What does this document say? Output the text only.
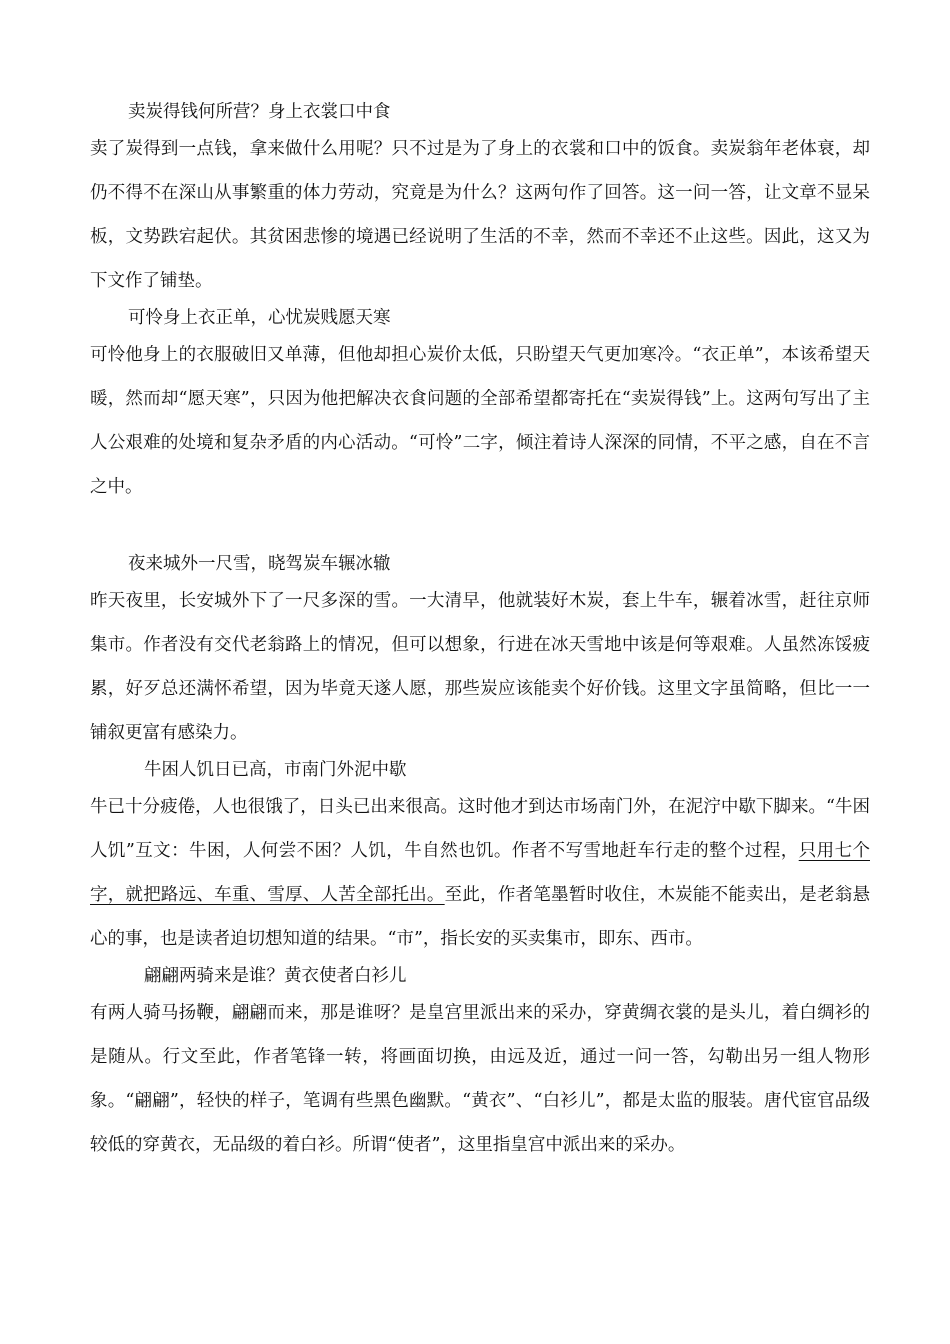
卖炭得钱何所营？身上衣裳口中食

卖了炭得到一点钱，拿来做什么用呢？只不过是为了身上的衣裳和口中的饭食。卖炭翁年老体衰，却仍不得不在深山从事繁重的体力劳动，究竟是为什么？这两句作了回答。这一问一答，让文章不显呆板，文势跌宕起伏。其贫困悲惨的境遇已经说明了生活的不幸，然而不幸还不止这些。因此，这又为下文作了铺垫。

可怜身上衣正单，心忧炭贱愿天寒

可怜他身上的衣服破旧又单薄，但他却担心炭价太低，只盼望天气更加寒冷。“衣正单”，本该希望天暖，然而却“愿天寒”，只因为他把解决衣食问题的全部希望都寄托在“卖炭得钱”上。这两句写出了主人公艰难的处境和复杂矛盾的内心活动。“可怜”二字，倾注着诗人深深的同情，不平之感，自在不言之中。

夜来城外一尺雪，晓驾炭车辗冰辙

昨天夜里，长安城外下了一尺多深的雪。一大清早，他就装好木炭，套上牛车，辗着冰雪，赶往京师集市。作者没有交代老翁路上的情况，但可以想象，行进在冰天雪地中该是何等艰难。人虽然冻馁疲累，好歹总还满怀希望，因为毕竟天遂人愿，那些炭应该能卖个好价钱。这里文字虽简略，但比一一铺叙更富有感染力。

牛困人饥日已高，市南门外泥中歇

牛已十分疲倦，人也很饿了，日头已出来很高。这时他才到达市场南门外，在泥泞中歇下脚来。“牛困人饥”互文：牛困，人何尝不困？人饥，牛自然也饥。作者不写雪地赶车行走的整个过程，只用七个字，就把路远、车重、雪厚、人苦全部托出。至此，作者笔墨暂时收住，木炭能不能卖出，是老翁悬心的事，也是读者迫切想知道的结果。“市”，指长安的买卖集市，即东、西市。

翩翩两骑来是谁？黄衣使者白衫儿

有两人骑马扬鞭，翩翩而来，那是谁呀？是皇宫里派出来的采办，穿黄绸衣裳的是头儿，着白绸衫的是随从。行文至此，作者笔锋一转，将画面切换，由远及近，通过一问一答，勾勒出另一组人物形象。“翩翩”，轻快的样子，笔调有些黑色幽默。“黄衣”、“白衫儿”，都是太监的服装。唐代宦官品级较低的穿黄衣，无品级的着白衫。所谓“使者”，这里指皇宫中派出来的采办。
